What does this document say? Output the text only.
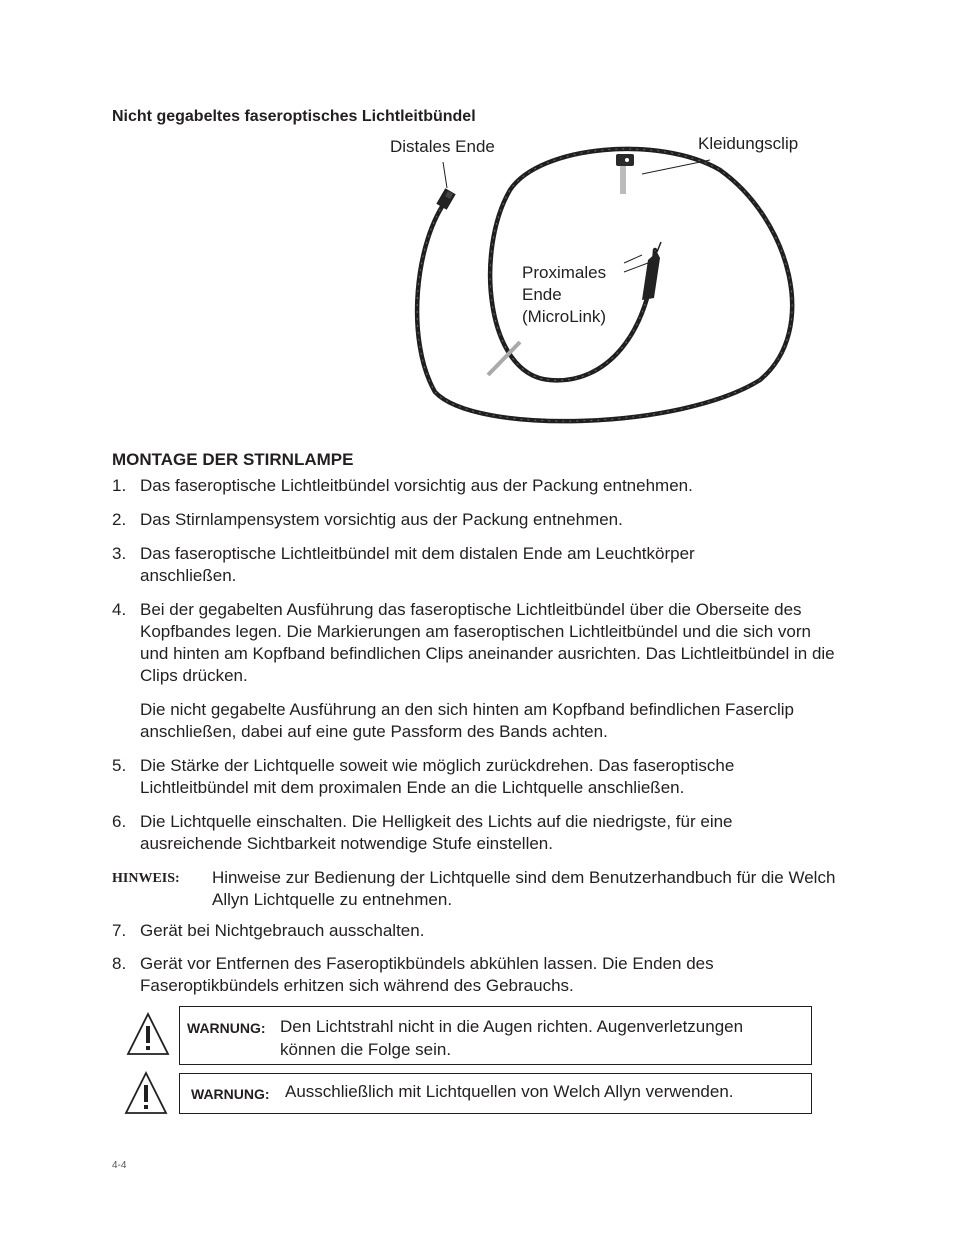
Nicht gegabeltes faseroptisches Lichtleitbündel
Distales Ende	Kleidungsclip
Proximales
Ende
(MicroLink)
MONTAGE DER STIRNLAMPE
1. Das faseroptische Lichtleitbündel vorsichtig aus der Packung entnehmen.
2. Das Stirnlampensystem vorsichtig aus der Packung entnehmen.
3. Das faseroptische Lichtleitbündel mit dem distalen Ende am Leuchtkörper anschließen.
4. Bei der gegabelten Ausführung das faseroptische Lichtleitbündel über die Oberseite des Kopfbandes legen. Die Markierungen am faseroptischen Lichtleitbündel und die sich vorn und hinten am Kopfband befindlichen Clips aneinander ausrichten. Das Lichtleitbündel in die Clips drücken.
Die nicht gegabelte Ausführung an den sich hinten am Kopfband befindlichen Faserclip anschließen, dabei auf eine gute Passform des Bands achten.
5. Die Stärke der Lichtquelle soweit wie möglich zurückdrehen. Das faseroptische Lichtleitbündel mit dem proximalen Ende an die Lichtquelle anschließen.
6. Die Lichtquelle einschalten. Die Helligkeit des Lichts auf die niedrigste, für eine ausreichende Sichtbarkeit notwendige Stufe einstellen.
HINWEIS: Hinweise zur Bedienung der Lichtquelle sind dem Benutzerhandbuch für die Welch Allyn Lichtquelle zu entnehmen.
7. Gerät bei Nichtgebrauch ausschalten.
8. Gerät vor Entfernen des Faseroptikbündels abkühlen lassen. Die Enden des Faseroptikbündels erhitzen sich während des Gebrauchs.
WARNUNG: Den Lichtstrahl nicht in die Augen richten. Augenverletzungen
können die Folge sein.
WARNUNG: Ausschließlich mit Lichtquellen von Welch Allyn verwenden.
4-4
